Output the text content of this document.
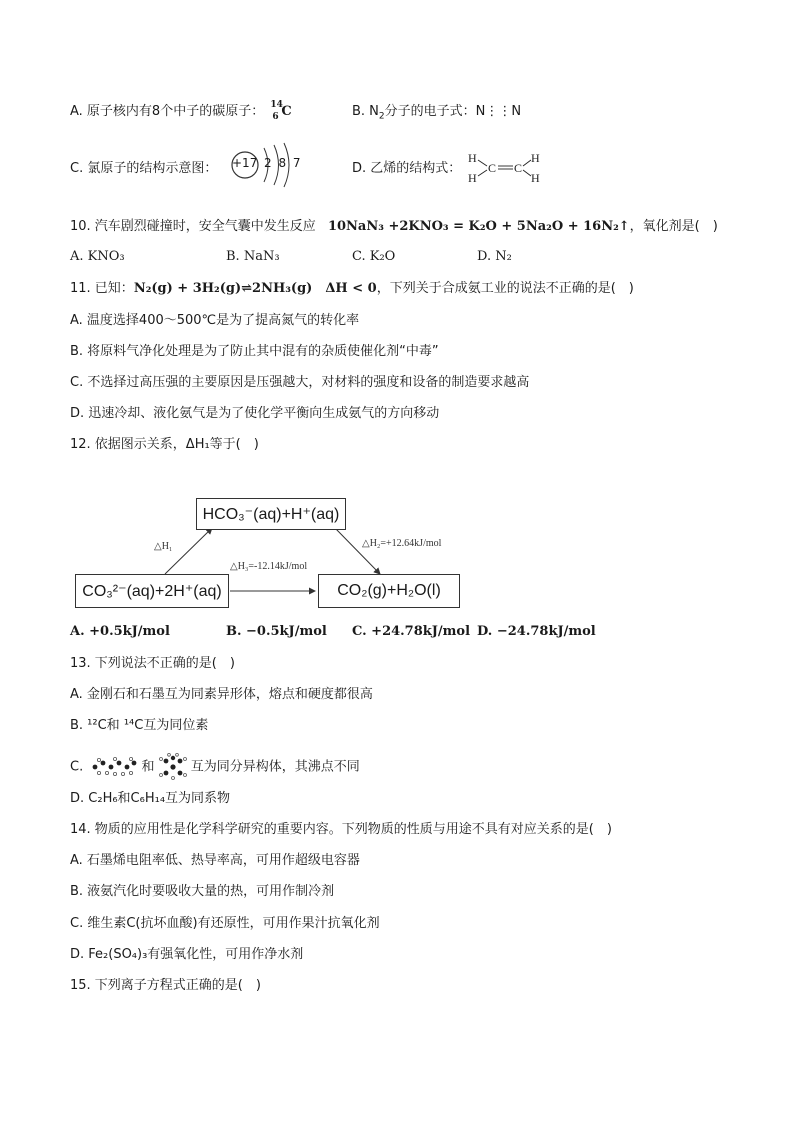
A. 原子核内有8个中子的碳原子： 14
6 C	B. $N_2$分子的电子式：N⋮⋮N
C. 氯原子的结构示意图： +17 2 8 7	D. 乙烯的结构式：
H
H
C C
H
H
10. 汽车剧烈碰撞时，安全气囊中发生反应 10NaN₃ +2KNO₃ = K₂O + 5Na₂O + 16N₂↑，氧化剂是(　)
A. KNO₃	B. NaN₃	C. K₂O	D. N₂
11. 已知：N₂(g) + 3H₂(g)⇌2NH₃(g)　ΔH < 0，下列关于合成氨工业的说法不正确的是(　)
A. 温度选择400～500℃是为了提高氮气的转化率
B. 将原料气净化处理是为了防止其中混有的杂质使催化剂“中毒”
C. 不选择过高压强的主要原因是压强越大，对材料的强度和设备的制造要求越高
D. 迅速冷却、液化氨气是为了使化学平衡向生成氨气的方向移动
12. 依据图示关系，ΔH₁等于(　)
HCO₃⁻(aq)+H⁺(aq)
CO₃²⁻(aq)+2H⁺(aq)	CO₂(g)+H₂O(l)
△H₁	△H₂=+12.64kJ/mol
△H₃=-12.14kJ/mol
A. +0.5kJ/mol	B. −0.5kJ/mol C. +24.78kJ/mol D. −24.78kJ/mol
13. 下列说法不正确的是(　)
A. 金刚石和石墨互为同素异形体，熔点和硬度都很高
B. ¹²C和 ¹⁴C互为同位素
C.	和	互为同分异构体，其沸点不同
D. C₂H₆和C₆H₁₄互为同系物
14. 物质的应用性是化学科学研究的重要内容。下列物质的性质与用途不具有对应关系的是(　)
A. 石墨烯电阻率低、热导率高，可用作超级电容器
B. 液氨汽化时要吸收大量的热，可用作制冷剂
C. 维生素C(抗坏血酸)有还原性，可用作果汁抗氧化剂
D. Fe₂(SO₄)₃有强氧化性，可用作净水剂
15. 下列离子方程式正确的是(　)
